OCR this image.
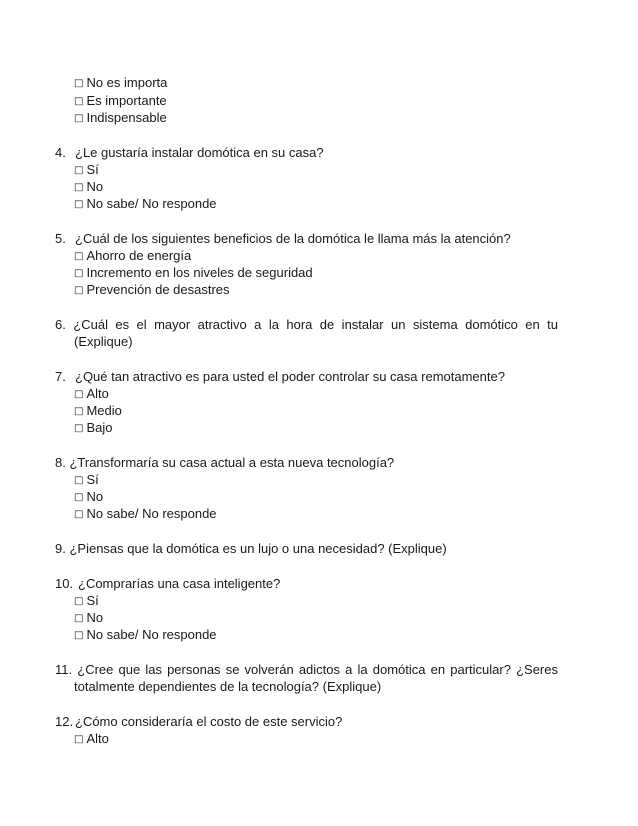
□ No es importa
□ Es importante
□ Indispensable
4. ¿Le gustaría instalar domótica en su casa?
□ Sí
□ No
□ No sabe/ No responde
5. ¿Cuál de los siguientes beneficios de la domótica le llama más la atención?
□ Ahorro de energía
□ Incremento en los niveles de seguridad
□ Prevención de desastres
6. ¿Cuál es el mayor atractivo a la hora de instalar un sistema domótico en tu
(Explique)
7. ¿Qué tan atractivo es para usted el poder controlar su casa remotamente?
□ Alto
□ Medio
□ Bajo
8. ¿Transformaría su casa actual a esta nueva tecnología?
□ Sí
□ No
□ No sabe/ No responde
9. ¿Piensas que la domótica es un lujo o una necesidad? (Explique)
10. ¿Comprarías una casa inteligente?
□ Sí
□ No
□ No sabe/ No responde
11. ¿Cree que las personas se volverán adictos a la domótica en particular? ¿Seres
totalmente dependientes de la tecnología? (Explique)
12. ¿Cómo consideraría el costo de este servicio?
□ Alto
